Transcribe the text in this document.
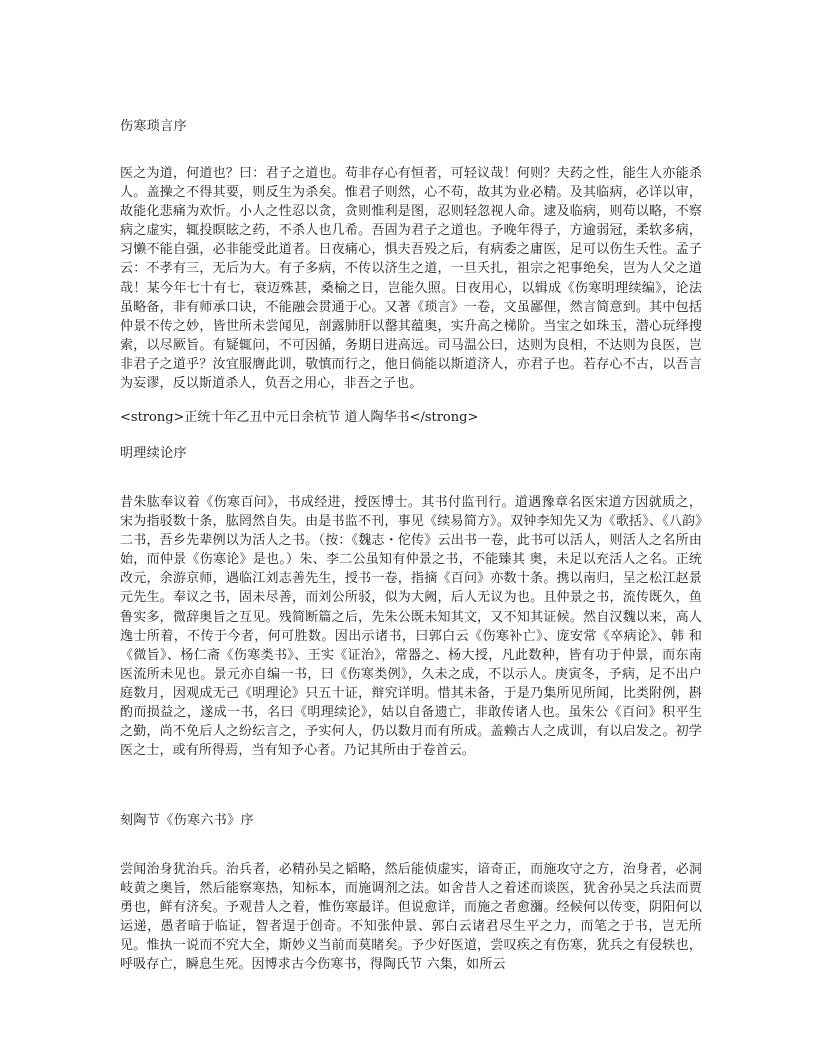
伤寒琐言序

医之为道，何道也？曰：君子之道也。苟非存心有恒者，可轻议哉！何则？夫药之性，能生人亦能杀人。盖操之不得其要，则反生为杀矣。惟君子则然，心不苟，故其为业必精。及其临病，必详以审，故能化悲痛为欢忻。小人之性忍以贪，贪则惟利是图，忍则轻忽视人命。逮及临病，则苟以略，不察病之虚实，辄投瞑眩之药，不杀人也几希。吾固为君子之道也。予晚年得子，方逾弱冠，柔软多病，习懒不能自强，必非能受此道者。日夜痛心，惧夫吾殁之后，有病委之庸医，足可以伤生夭性。孟子云：不孝有三，无后为大。有子多病，不传以济生之道，一旦夭扎，祖宗之祀事绝矣，岂为人父之道哉！某今年七十有七，衰迈殊甚，桑榆之日，岂能久照。日夜用心，以辑成《伤寒明理续编》，论法虽略备，非有师承口诀，不能融会贯通于心。又著《琐言》一卷，文虽鄙俚，然言简意到。其中包括仲景不传之妙，皆世所未尝闻见，剖露肺肝以罄其蕴奥，实升高之梯阶。当宝之如珠玉，潜心玩绎搜索，以尽厥旨。有疑辄问，不可因循，务期日进高远。司马温公曰，达则为良相，不达则为良医，岂非君子之道乎？汝宜服膺此训，敬慎而行之，他日倘能以斯道济人，亦君子也。若存心不古，以吾言为妄谬，反以斯道杀人，负吾之用心，非吾之子也。

<strong>正统十年乙丑中元日余杭节 道人陶华书</strong>

明理续论序

昔朱肱奉议着《伤寒百问》，书成经进，授医博士。其书付监刊行。道遇豫章名医宋道方因就质之，宋为指驳数十条，肱罔然自失。由是书监不刊，事见《续易简方》。双钟李知先又为《歌括》、《八韵》二书，吾乡先辈例以为活人之书。（按：《魏志・佗传》云出书一卷，此书可以活人，则活人之名所由始，而仲景《伤寒论》是也。）朱、李二公虽知有仲景之书，不能臻其 奥，未足以充活人之名。正统改元，余游京师，遇临江刘志善先生，授书一卷，指摘《百问》亦数十条。携以南归，呈之松江赵景元先生。奉议之书，固未尽善，而刘公所驳，似为大阙，后人无议为也。且仲景之书，流传既久，鱼鲁实多，微辞奥旨之互见。残简断篇之后，先朱公既未知其文，又不知其证候。然自汉魏以来，高人逸士所着，不传于今者，何可胜数。因出示诸书，曰郭白云《伤寒补亡》、庞安常《卒病论》、韩 和《微旨》、杨仁斋《伤寒类书》、王实《证治》，常器之、杨大授，凡此数种，皆有功于仲景，而东南医流所未见也。景元亦自编一书，曰《伤寒类例》，久未之成，不以示人。庚寅冬，予病，足不出户庭数月，因观成无己《明理论》只五十证，辩究详明。惜其未备，于是乃集所见所闻，比类附例，斟酌而损益之，遂成一书，名曰《明理续论》，姑以自备遗亡，非敢传诸人也。虽朱公《百问》积平生之勤，尚不免后人之纷纭言之，予实何人，仍以数月而有所成。盖赖古人之成训，有以启发之。初学医之士，或有所得焉，当有知予心者。乃记其所由于卷首云。

刻陶节《伤寒六书》序

尝闻治身犹治兵。治兵者，必精孙吴之韬略，然后能侦虚实，谙奇正，而施攻守之方，治身者，必洞岐黄之奥旨，然后能察寒热，知标本，而施调剂之法。如舍昔人之着述而谈医，犹舍孙吴之兵法而贾勇也，鲜有济矣。予观昔人之着，惟伤寒最详。但说愈详，而施之者愈瀰。经候何以传变，阴阳何以运递，愚者暗于临证，智者逞于创奇。不知张仲景、郭白云诸君尽生平之力，而笔之于书，岂无所见。惟执一说而不究大全，斯妙义当前而莫睹矣。予少好医道，尝叹疾之有伤寒，犹兵之有侵轶也，呼吸存亡，瞬息生死。因博求古今伤寒书，得陶氏节 六集，如所云
